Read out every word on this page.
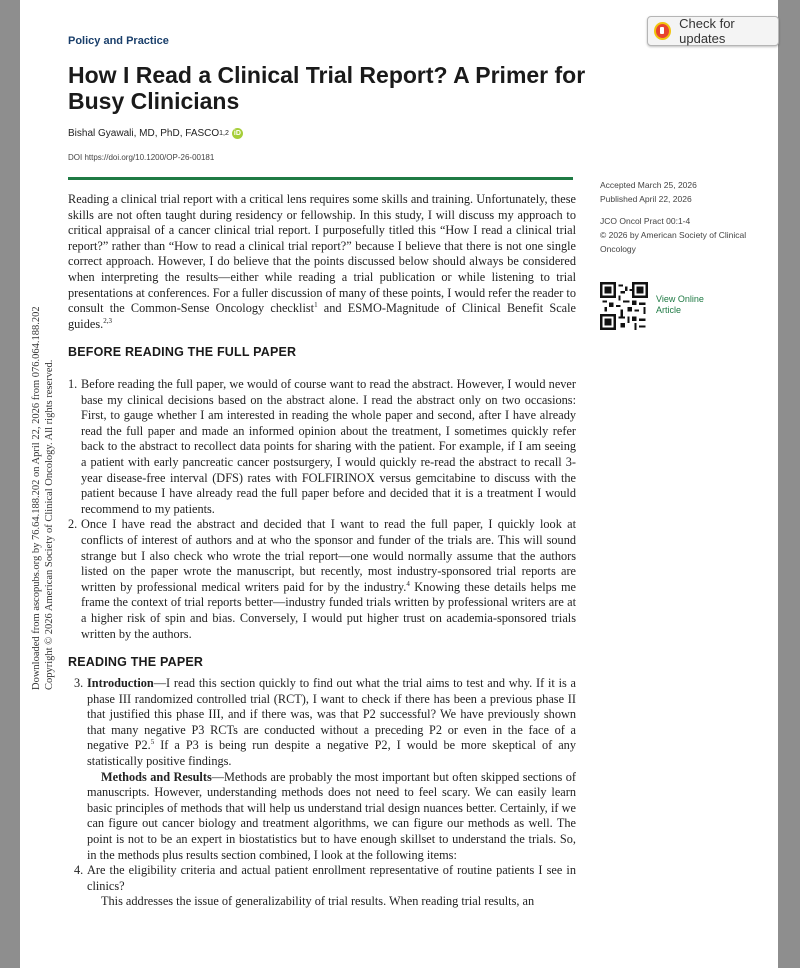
Downloaded from ascopubs.org by 76.64.188.202 on April 22, 2026 from 076.064.188.202 Copyright © 2026 American Society of Clinical Oncology. All rights reserved.
Check for updates
Policy and Practice
How I Read a Clinical Trial Report? A Primer for Busy Clinicians
Bishal Gyawali, MD, PhD, FASCO 1,2 iD
DOI https://doi.org/10.1200/OP-26-00181
Accepted March 25, 2026
Published April 22, 2026
JCO Oncol Pract 00:1-4
© 2026 by American Society of Clinical Oncology
View Online Article

Reading a clinical trial report with a critical lens requires some skills and training. Unfortunately, these skills are not often taught during residency or fellowship. In this study, I will discuss my approach to critical appraisal of a cancer clinical trial report. I purposefully titled this “How I read a clinical trial report?” rather than “How to read a clinical trial report?” because I believe that there is not one single correct approach. However, I do believe that the points discussed below should always be considered when interpreting the results—either while reading a trial publication or while listening to trial presentations at conferences. For a fuller discussion of many of these points, I would refer the reader to consult the Common-Sense Oncology checklist$^1$ and ESMO-Magnitude of Clinical Benefit Scale guides.$^{2,3}$

BEFORE READING THE FULL PAPER
1. Before reading the full paper, we would of course want to read the abstract. However, I would never base my clinical decisions based on the abstract alone. I read the abstract only on two occasions: First, to gauge whether I am interested in reading the whole paper and second, after I have already read the full paper and made an informed opinion about the treatment, I sometimes quickly refer back to the abstract to recollect data points for sharing with the patient. For example, if I am seeing a patient with early pancreatic cancer postsurgery, I would quickly re-read the abstract to recall 3-year disease-free interval (DFS) rates with FOLFIRINOX versus gemcitabine to discuss with the patient because I have already read the full paper before and decided that it is a treatment I would recommend to my patients.
2. Once I have read the abstract and decided that I want to read the full paper, I quickly look at conflicts of interest of authors and at who the sponsor and funder of the trials are. This will sound strange but I also check who wrote the trial report—one would normally assume that the authors listed on the paper wrote the manuscript, but recently, most industry-sponsored trial reports are written by professional medical writers paid for by the industry.$^4$ Knowing these details helps me frame the context of trial reports better—industry funded trials written by professional writers are at a higher risk of spin and bias. Conversely, I would put higher trust on academia-sponsored trials written by the authors.
READING THE PAPER
3. Introduction—I read this section quickly to find out what the trial aims to test and why. If it is a phase III randomized controlled trial (RCT), I want to check if there has been a previous phase II that justified this phase III, and if there was, was that P2 successful? We have previously shown that many negative P3 RCTs are conducted without a preceding P2 or even in the face of a negative P2.$^5$ If a P3 is being run despite a negative P2, I would be more skeptical of any statistically positive findings.
Methods and Results—Methods are probably the most important but often skipped sections of manuscripts. However, understanding methods does not need to feel scary. We can easily learn basic principles of methods that will help us understand trial design nuances better. Certainly, if we can figure out cancer biology and treatment algorithms, we can figure our methods as well. The point is not to be an expert in biostatistics but to have enough skillset to understand the trials. So, in the methods plus results section combined, I look at the following items:
4. Are the eligibility criteria and actual patient enrollment representative of routine patients I see in clinics?
This addresses the issue of generalizability of trial results. When reading trial results, an
